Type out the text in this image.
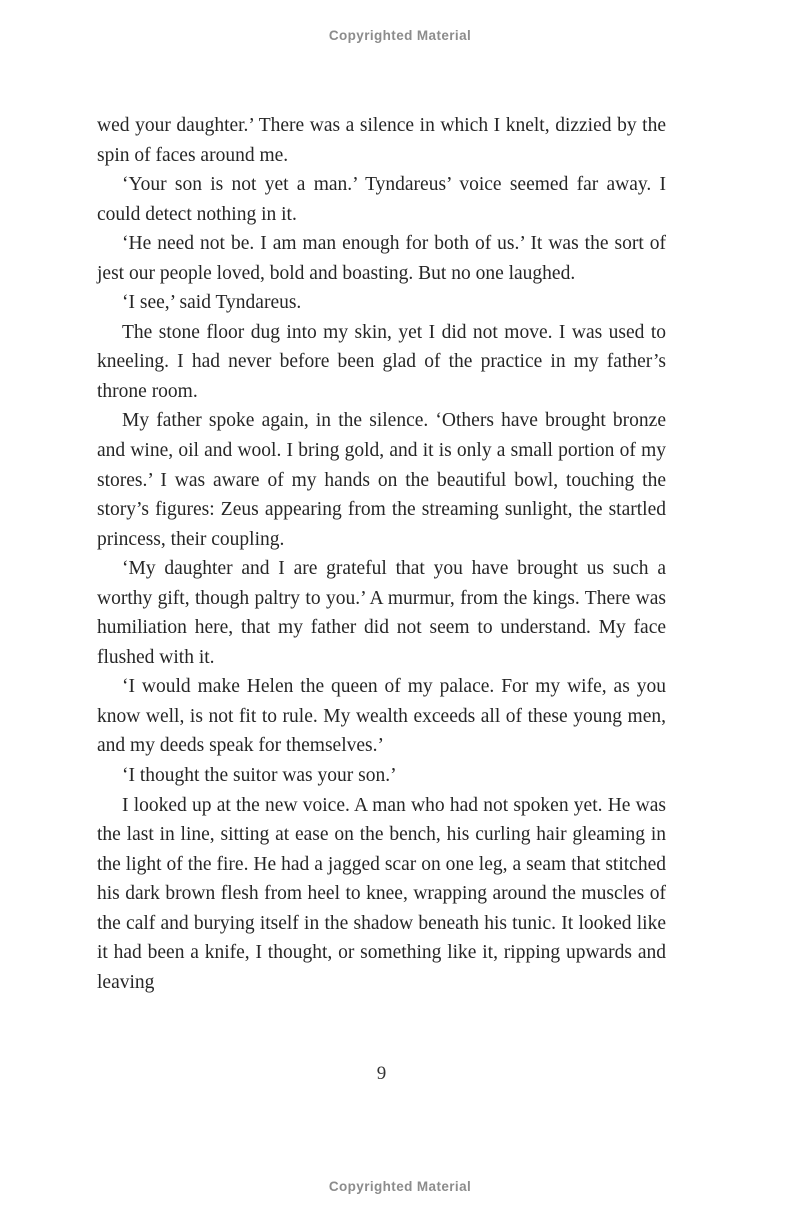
Copyrighted Material

wed your daughter.’ There was a silence in which I knelt, dizzied by the spin of faces around me.

‘Your son is not yet a man.’ Tyndareus’ voice seemed far away. I could detect nothing in it.

‘He need not be. I am man enough for both of us.’ It was the sort of jest our people loved, bold and boasting. But no one laughed.

‘I see,’ said Tyndareus.

The stone floor dug into my skin, yet I did not move. I was used to kneeling. I had never before been glad of the practice in my father’s throne room.

My father spoke again, in the silence. ‘Others have brought bronze and wine, oil and wool. I bring gold, and it is only a small portion of my stores.’ I was aware of my hands on the beautiful bowl, touching the story’s figures: Zeus appearing from the streaming sunlight, the startled princess, their coupling.

‘My daughter and I are grateful that you have brought us such a worthy gift, though paltry to you.’ A murmur, from the kings. There was humiliation here, that my father did not seem to understand. My face flushed with it.

‘I would make Helen the queen of my palace. For my wife, as you know well, is not fit to rule. My wealth exceeds all of these young men, and my deeds speak for themselves.’

‘I thought the suitor was your son.’

I looked up at the new voice. A man who had not spoken yet. He was the last in line, sitting at ease on the bench, his curling hair gleaming in the light of the fire. He had a jagged scar on one leg, a seam that stitched his dark brown flesh from heel to knee, wrapping around the muscles of the calf and burying itself in the shadow beneath his tunic. It looked like it had been a knife, I thought, or something like it, ripping upwards and leaving

9
Copyrighted Material
